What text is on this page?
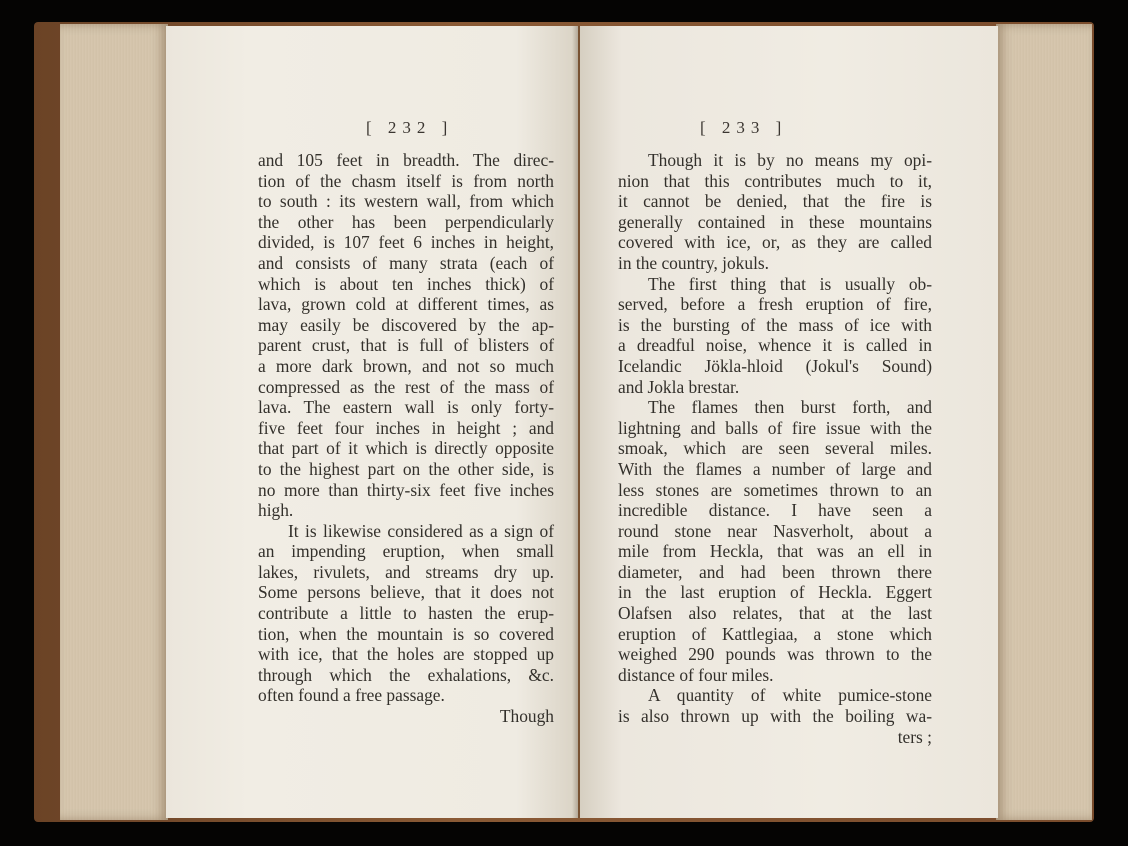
[ 232 ]
and 105 feet in breadth. The direc-
tion of the chasm itself is from north
to south : its western wall, from which
the other has been perpendicularly
divided, is 107 feet 6 inches in height,
and consists of many strata (each of
which is about ten inches thick) of
lava, grown cold at different times, as
may easily be discovered by the ap-
parent crust, that is full of blisters of
a more dark brown, and not so much
compressed as the rest of the mass of
lava. The eastern wall is only forty-
five feet four inches in height ; and
that part of it which is directly opposite
to the highest part on the other side, is
no more than thirty-six feet five inches
high.
It is likewise considered as a sign of
an impending eruption, when small
lakes, rivulets, and streams dry up.
Some persons believe, that it does not
contribute a little to hasten the erup-
tion, when the mountain is so covered
with ice, that the holes are stopped up
through which the exhalations, &c.
often found a free passage.
Though
[ 233 ]
Though it is by no means my opi-
nion that this contributes much to it,
it cannot be denied, that the fire is
generally contained in these mountains
covered with ice, or, as they are called
in the country, jokuls.
The first thing that is usually ob-
served, before a fresh eruption of fire,
is the bursting of the mass of ice with
a dreadful noise, whence it is called in
Icelandic Jökla-hloid (Jokul's Sound)
and Jokla brestar.
The flames then burst forth, and
lightning and balls of fire issue with the
smoak, which are seen several miles.
With the flames a number of large and
less stones are sometimes thrown to an
incredible distance. I have seen a
round stone near Nasverholt, about a
mile from Heckla, that was an ell in
diameter, and had been thrown there
in the last eruption of Heckla. Eggert
Olafsen also relates, that at the last
eruption of Kattlegiaa, a stone which
weighed 290 pounds was thrown to the
distance of four miles.
A quantity of white pumice-stone
is also thrown up with the boiling wa-
ters ;
